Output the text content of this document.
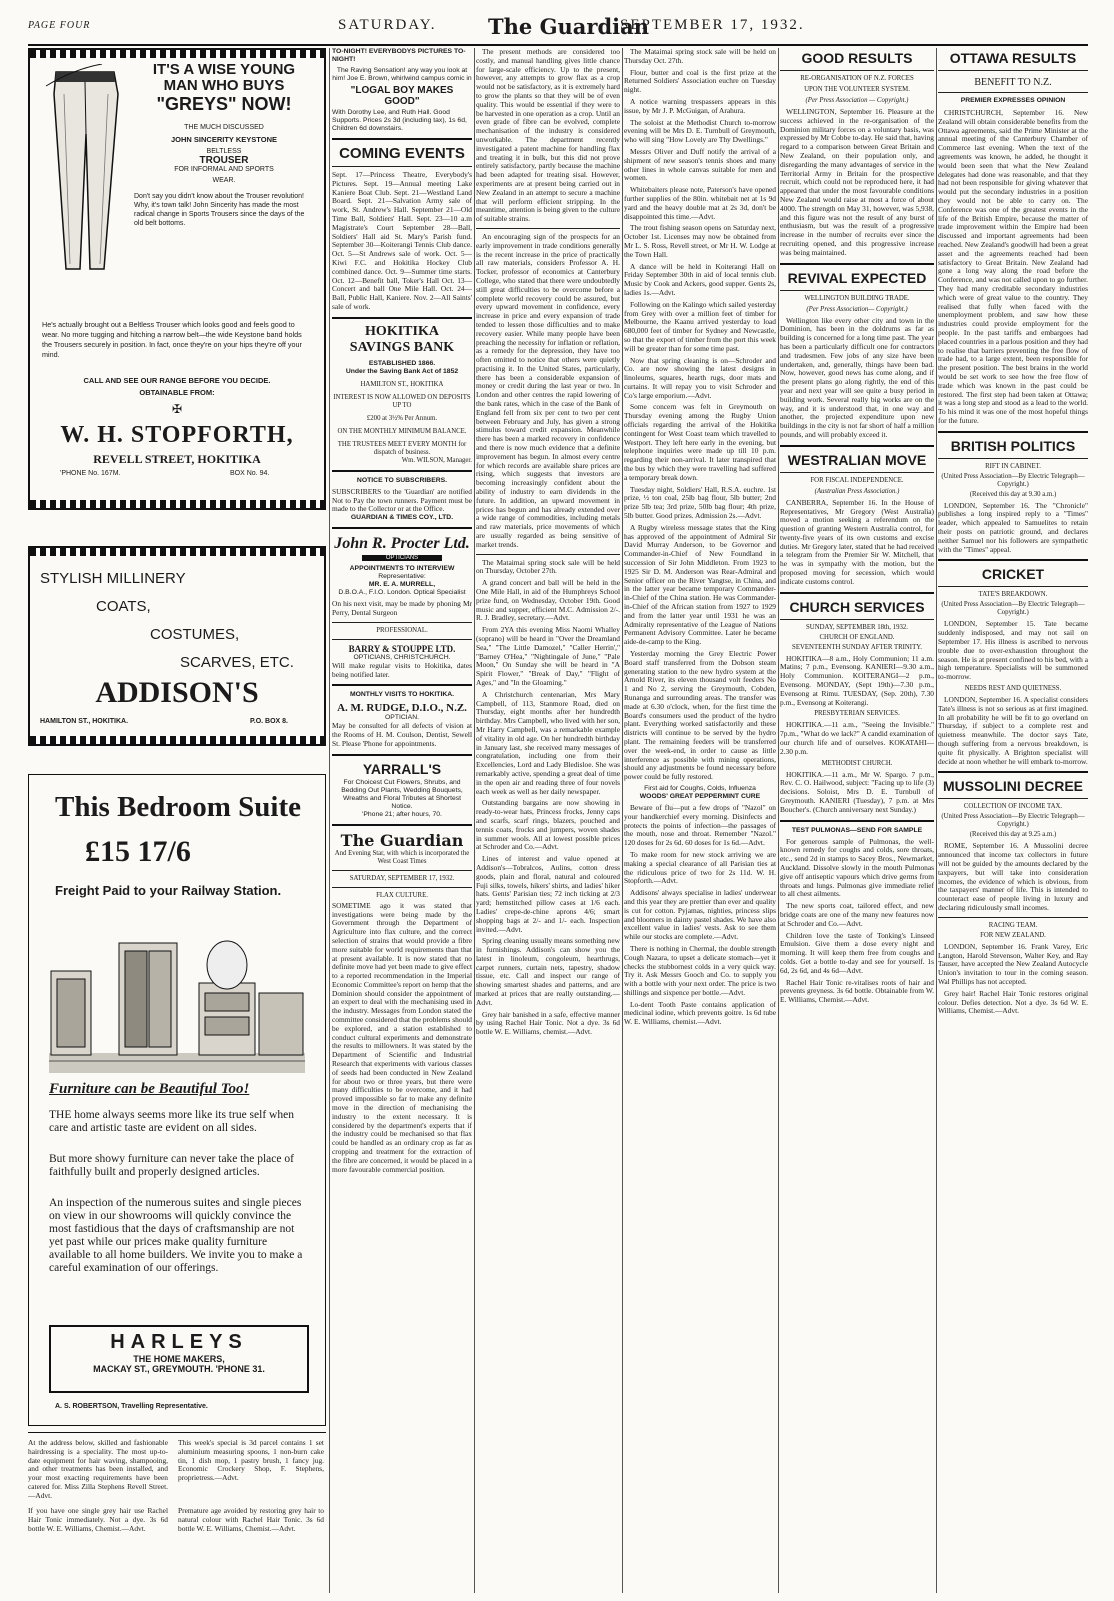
PAGE FOUR	SATURDAY. The Guardian
SEPTEMBER 17, 1932.
IT'S A WISE YOUNG
MAN WHO BUYS
"GREYS" NOW!
THE MUCH DISCUSSED
JOHN SINCERITY KEYSTONE
BELTLESS
TROUSER
FOR INFORMAL AND SPORTS
WEAR.
Don't say you didn't know about the Trouser revolution! Why, it's town talk! John Sincerity has made the most radical change in Sports Trousers since the days of the old belt bottoms.
He's actually brought out a Beltless Trouser which looks good and feels good to wear. No more tugging and hitching a narrow belt—the wide Keystone band holds the Trousers securely in position. In fact, once they're on your hips they're off your mind.
CALL AND SEE OUR RANGE BEFORE YOU DECIDE.
OBTAINABLE FROM:
✠
W. H. STOPFORTH,
REVELL STREET, HOKITIKA
'PHONE No. 167M.	BOX No. 94.
STYLISH MILLINERY
COATS,
COSTUMES,
SCARVES, ETC.
ADDISON'S
HAMILTON ST., HOKITIKA.	P.O. BOX 8.
This Bedroom Suite
£15 17/6
Freight Paid to your Railway Station.
Furniture can be Beautiful Too!
THE home always seems more like its true self when care and artistic taste are evident on all sides.
But more showy furniture can never take the place of faithfully built and properly designed articles.
An inspection of the numerous suites and single pieces on view in our showrooms will quickly convince the most fastidious that the days of craftsmanship are not yet past while our prices make quality furniture available to all home builders. We invite you to make a careful examination of our offerings.
HARLEYS
THE HOME MAKERS,
MACKAY ST., GREYMOUTH. 'PHONE 31.
A. S. ROBERTSON, Travelling Representative.
At the address below, skilled and fashionable hairdressing is a speciality. The most up-to-date equipment for hair waving, shampooing, and other treatments has been installed, and your most exacting requirements have been catered for. Miss Zilla Stephens Revell Street.—Advt.
This week's special is 3d parcel contains 1 set aluminium measuring spoons, 1 non-burn cake tin, 1 dish mop, 1 pastry brush, 1 fancy jug. Economic Crockery Shop, F. Stephens, proprietress.—Advt.
If you have one single grey hair use Rachel Hair Tonic immediately. Not a dye. 3s 6d bottle W. E. Williams, Chemist.—Advt.
Premature age avoided by restoring grey hair to natural colour with Rachel Hair Tonic. 3s 6d bottle W. E. Williams, Chemist.—Advt.
TO-NIGHT! EVERYBODYS PICTURES TO-NIGHT!
The Raving Sensation! any way you look at him! Joe E. Brown, whirlwind campus comic in
"LOGAL BOY MAKES GOOD"
With Dorothy Lee, and Ruth Hall. Good Supports. Prices 2s 3d (including tax), 1s 6d, Children 6d downstairs.
COMING EVENTS
Sept. 17—Princess Theatre, Everybody's Pictures. Sept. 19—Annual meeting Lake Kaniere Boat Club. Sept. 21—Westland Land Board. Sept. 21—Salvation Army sale of work, St. Andrew's Hall. September 21—Old Time Ball, Soldiers' Hall. Sept. 23—10 a.m Magistrate's Court September 28—Ball, Soldiers' Hall aid St. Mary's Parish fund. September 30—Koiterangi Tennis Club dance. Oct. 5—St Andrews sale of work. Oct. 5—Kiwi F.C. and Hokitika Hockey Club combined dance. Oct. 9—Summer time starts. Oct. 12—Benefit ball, Toker's Hall Oct. 13—Concert and ball One Mile Hall. Oct. 24—Ball, Public Hall, Kaniere. Nov. 2—All Saints' sale of work.
HOKITIKA
SAVINGS BANK
ESTABLISHED 1866.
Under the Saving Bank Act of 1852
HAMILTON ST., HOKITIKA
INTEREST IS NOW ALLOWED ON DEPOSITS UP TO
£200 at 3½% Per Annum.
ON THE MONTHLY MINIMUM BALANCE.
THE TRUSTEES MEET EVERY MONTH for dispatch of business.
Wm. WILSON, Manager.
NOTICE TO SUBSCRIBERS.
SUBSCRIBERS to the 'Guardian' are notified Not to Pay the town runners. Payment must be made to the Collector or at the Office.
GUARDIAN & TIMES COY., LTD.
John R. Procter Ltd.
OPTICIANS
APPOINTMENTS TO INTERVIEW
Representative:
MR. E. A. MURRELL,
D.B.O.A., F.I.O. London. Optical Specialist
On his next visit, may be made by phoning Mr Perry, Dental Surgeon
PROFESSIONAL.
BARRY & STOUPPE LTD.
OPTICIANS, CHRISTCHURCH.
Will make regular visits to Hokitika, dates being notified later.
MONTHLY VISITS TO HOKITIKA.
A. M. RUDGE, D.I.O., N.Z.
OPTICIAN.
May be consulted for all defects of vision at the Rooms of H. M. Coulson, Dentist, Sewell St. Please 'Phone for appointments.
YARRALL'S
For Choicest Cut Flowers, Shrubs, and Bedding Out Plants, Wedding Bouquets, Wreaths and Floral Tributes at Shortest Notice.
'Phone 21; after hours, 70.
The Guardian
And Evening Star, with which is incorporated the West Coast Times
SATURDAY, SEPTEMBER 17, 1932.
FLAX CULTURE.
SOMETIME ago it was stated that investigations were being made by the Government through the Department of Agriculture into flax culture, and the correct selection of strains that would provide a fibre more suitable for world requirements than that at present available. It is now stated that no definite move had yet been made to give effect to a reported recommendation in the Imperial Economic Committee's report on hemp that the Dominion should consider the appointment of an expert to deal with the mechanising used in the industry. Messages from London stated the committee considered that the problems should be explored, and a station established to conduct cultural experiments and demonstrate the results to millowners. It was stated by the Department of Scientific and Industrial Research that experiments with various classes of seeds had been conducted in New Zealand for about two or three years, but there were many difficulties to be overcome, and it had proved impossible so far to make any definite move in the direction of mechanising the industry to the extent necessary. It is considered by the department's experts that if the industry could be mechanised so that flax could be handled as an ordinary crop as far as cropping and treatment for the extraction of the fibre are concerned, it would be placed in a more favourable commercial position.

The present methods are considered too costly, and manual handling gives little chance for large-scale efficiency. Up to the present, however, any attempts to grow flax as a crop would not be satisfactory, as it is extremely hard to grow the plants so that they will be of even quality. This would be essential if they were to be harvested in one operation as a crop. Until an even grade of fibre can be evolved, complete mechanisation of the industry is considered unworkable. The department recently investigated a patent machine for handling flax and treating it in bulk, but this did not prove entirely satisfactory, partly because the machine had been adapted for treating sisal. However, experiments are at present being carried out in New Zealand in an attempt to secure a machine that will perform efficient stripping. In the meantime, attention is being given to the culture of suitable strains.

An encouraging sign of the prospects for an early improvement in trade conditions generally is the recent increase in the price of practically all raw materials, considers Professor A. H. Tocker, professor of economics at Canterbury College, who stated that there were undoubtedly still great difficulties to be overcome before a complete world recovery could be assured, but every upward movement in confidence, every increase in price and every expansion of trade tended to lessen those difficulties and to make recovery easier. While many people have been preaching the necessity for inflation or reflation, as a remedy for the depression, they have too often omitted to notice that others were quietly practising it. In the United States, particularly, there has been a considerable expansion of money or credit during the last year or two. In London and other centres the rapid lowering of the bank rates, which in the case of the Bank of England fell from six per cent to two per cent between February and July, has given a strong stimulus toward credit expansion. Meanwhile there has been a marked recovery in confidence and there is now much evidence that a definite improvement has begun. In almost every centre for which records are available share prices are rising, which suggests that investors are becoming increasingly confident about the ability of industry to earn dividends in the future. In addition, an upward movement in prices has begun and has already extended over a wide range of commodities, including metals and raw materials, price movements of which are usually regarded as being sensitive of market trends.

The Mataimai spring stock sale will be held on Thursday, October 27th.

A grand concert and ball will be held in the One Mile Hall, in aid of the Humphreys School prize fund, on Wednesday, October 19th. Good music and supper, efficient M.C. Admission 2/-. R. J. Bradley, secretary.—Advt.

From 2YA this evening Miss Naomi Whalley (soprano) will be heard in "Over the Dreamland Sea," "The Little Damozel," "Caller Herrin'," "Barney O'Hea," "Nightingale of June," "Pale Moon," On Sunday she will be heard in "A Spirit Flower," "Break of Day," "Flight of Ages," and "In the Gloaming."

A Christchurch centenarian, Mrs Mary Campbell, of 113, Stanmore Road, died on Thursday, eight months after her hundredth birthday. Mrs Campbell, who lived with her son, Mr Harry Campbell, was a remarkable example of vitality in old age. On her hundredth birthday in January last, she received many messages of congratulation, including one from their Excellencies, Lord and Lady Bledisloe. She was remarkably active, spending a great deal of time in the open air and reading three of four novels each week as well as her daily newspaper.

Outstanding bargains are now showing in ready-to-wear hats, Princess frocks, Jenny caps and scarfs, scarf rings, blazers, pouched and tennis coats, frocks and jumpers, woven shades in summer wools. All at lowest possible prices at Schroder and Co.—Advt.

Lines of interest and value opened at Addison's—Tobralcos, Aulins, cotton dress goods, plain and floral, natural and coloured Fuji silks, towels, hikers' shirts, and ladies' hiker hats. Gents' Parisian ties; 72 inch ticking at 2/3 yard; hemstitched pillow cases at 1/6 each. Ladies' crepe-de-chine aprons 4/6; smart shopping bags at 2/- and 1/- each. Inspection invited.—Advt.

Spring cleaning usually means something new in furnishings. Addison's can show you the latest in linoleum, congoleum, hearthrugs, carpet runners, curtain nets, tapestry, shadow tissue, etc. Call and inspect our range of showing smartest shades and patterns, and are marked at prices that are really outstanding.—Advt.

Grey hair banished in a safe, effective manner by using Rachel Hair Tonic. Not a dye. 3s 6d bottle W. E. Williams, chemist.—Advt.

The Mataimai spring stock sale will be held on Thursday Oct. 27th.

Flour, butter and coal is the first prize at the Returned Soldiers' Association euchre on Tuesday night.

A notice warning trespassers appears in this issue, by Mr J. P. McGuigan, of Arahura.

The soloist at the Methodist Church to-morrow evening will be Mrs D. E. Turnbull of Greymouth, who will sing "How Lovely are Thy Dwellings."

Messrs Oliver and Duff notify the arrival of a shipment of new season's tennis shoes and many other lines in whole canvas suitable for men and women.

Whitebaiters please note, Paterson's have opened further supplies of the 80in. whitebait net at 1s 9d yard and the heavy double mat at 2s 3d, don't be disappointed this time.—Advt.

The trout fishing season opens on Saturday next, October 1st. Licenses may now be obtained from Mr L. S. Ross, Revell street, or Mr H. W. Lodge at the Town Hall.

A dance will be held in Koiterangi Hall on Friday September 30th in aid of local tennis club. Music by Cook and Ackers, good supper. Gents 2s, ladies 1s.—Advt.

Following on the Kalingo which sailed yesterday from Grey with over a million feet of timber for Melbourne, the Kaanu arrived yesterday to load 680,000 feet of timber for Sydney and Newcastle, so that the export of timber from the port this week will be greater than for some time past.

Now that spring cleaning is on—Schroder and Co. are now showing the latest designs in linoleums, squares, hearth rugs, door mats and curtains. It will repay you to visit Schroder and Co's large emporium.—Advt.

Some concern was felt in Greymouth on Thursday evening among the Rugby Union officials regarding the arrival of the Hokitika contingent for West Coast team which travelled to Westport. They left here early in the evening, but telephone inquiries were made up till 10 p.m. regarding their non-arrival. It later transpired that the bus by which they were travelling had suffered a temporary break down.

Tuesday night, Soldiers' Hall, R.S.A. euchre. 1st prize, ½ ton coal, 25lb bag flour, 5lb butter; 2nd prize 5lb tea; 3rd prize, 50lb bag flour; 4th prize, 5lb butter. Good prizes. Admission 2s.—Advt.

A Rugby wireless message states that the King has approved of the appointment of Admiral Sir David Murray Anderson, to be Governor and Commander-in-Chief of New Foundland in succession of Sir John Middleton. From 1923 to 1925 Sir D. M. Anderson was Rear-Admiral and Senior officer on the River Yangtse, in China, and in the latter year became temporary Commander-in-Chief of the China station. He was Commander-in-Chief of the African station from 1927 to 1929 and from the latter year until 1931 he was an Admiralty representative of the League of Nations Permanent Advisory Committee. Later he became aide-de-camp to the King.

Yesterday morning the Grey Electric Power Board staff transferred from the Dobson steam generating station to the new hydro system at the Arnold River, its eleven thousand volt feeders No 1 and No 2, serving the Greymouth, Cobden, Runanga and surrounding areas. The transfer was made at 6.30 o'clock, when, for the first time the Board's consumers used the product of the hydro plant. Everything worked satisfactorily and these districts will continue to be served by the hydro plant. The remaining feeders will be transferred over the week-end, in order to cause as little interference as possible with mining operations, should any adjustments be found necessary before power could be fully restored.

First aid for Coughs, Colds, Influenza
WOODS' GREAT PEPPERMINT CURE

Beware of fluׂ—put a few drops of "Nazol" on your handkerchief every morning. Disinfects and protects the points of infection—the passages of the mouth, nose and throat. Remember "Nazol." 120 doses for 2s 6d. 60 doses for 1s 6d.—Advt.

To make room for new stock arriving we are making a special clearance of all Parisian ties at the ridiculous price of two for 2s 11d. W. H. Stopforth.—Advt.

Addisons' always specialise in ladies' underwear and this year they are prettier than ever and quality is cut for cotton. Pyjamas, nighties, princess slips and bloomers in dainty pastel shades. We have also excellent value in ladies' vests. Ask to see them while our stocks are complete.—Advt.

There is nothing in Chermal, the double strength Cough Nazara, to upset a delicate stomach—yet it checks the stubbornest colds in a very quick way. Try it. Ask Messrs Gooch and Co. to supply you with a bottle with your next order. The price is two shillings and sixpence per bottle.—Advt.

Lo-dent Tooth Paste contains application of medicinal iodine, which prevents goitre. 1s 6d tube W. E. Williams, chemist.—Advt.

GOOD RESULTS
RE-ORGANISATION OF N.Z. FORCES
UPON THE VOLUNTEER SYSTEM.
(Per Press Association — Copyright.)

WELLINGTON, September 16. Pleasure at the success achieved in the re-organisation of the Dominion military forces on a voluntary basis, was expressed by Mr Cobbe to-day. He said that, having regard to a comparison between Great Britain and New Zealand, on their population only, and disregarding the many advantages of service in the Territorial Army in Britain for the prospective recruit, which could not be reproduced here, it had appeared that under the most favourable conditions New Zealand would raise at most a force of about 4000. The strength on May 31, however, was 5,938, and this figure was not the result of any burst of enthusiasm, but was the result of a progressive increase in the number of recruits ever since the recruiting opened, and this progressive increase was being maintained.

REVIVAL EXPECTED
WELLINGTON BUILDING TRADE.
(Per Press Association— Copyright.)

Wellington like every other city and town in the Dominion, has been in the doldrums as far as building is concerned for a long time past. The year has been a particularly difficult one for contractors and tradesmen. Few jobs of any size have been undertaken, and, generally, things have been bad. Now, however, good news has come along, and if the present plans go along rightly, the end of this year and next year will see quite a busy period in building work. Several really big works are on the way, and it is understood that, in one way and another, the projected expenditure upon new buildings in the city is not far short of half a million pounds, and will probably exceed it.

WESTRALIAN MOVE
FOR FISCAL INDEPENDENCE.
(Australian Press Association.)

CANBERRA, September 16. In the House of Representatives, Mr Gregory (West Australia) moved a motion seeking a referendum on the question of granting Western Australia control, for twenty-five years of its own customs and excise duties. Mr Gregory later, stated that he had received a telegram from the Premier Sir W. Mitchell, that he was in sympathy with the motion, but the proposed moving for secession, which would indicate customs control.

CHURCH SERVICES
SUNDAY, SEPTEMBER 18th, 1932.
CHURCH OF ENGLAND.
SEVENTEENTH SUNDAY AFTER TRINITY.

HOKITIKA—8 a.m., Holy Communion; 11 a.m. Matins; 7 p.m., Evensong. KANIERI—9.30 a.m., Holy Communion. KOITERANGI—2 p.m., Evensong. MONDAY, (Sept 19th)—7.30 p.m., Evensong at Rimu. TUESDAY, (Sep. 20th), 7.30 p.m., Evensong at Koiterangi.

PRESBYTERIAN SERVICES.

HOKITIKA.—11 a.m., "Seeing the Invisible." 7p.m., "What do we lack?" A candid examination of our church life and of ourselves. KOKATAHI—2.30 p.m.

METHODIST CHURCH.

HOKITIKA.—11 a.m., Mr W. Spargo. 7 p.m., Rev. C. O. Hailwood, subject: "Facing up to life (3) decisions. Soloist, Mrs D. E. Turnbull of Greymouth. KANIERI (Tuesday), 7 p.m. at Mrs Boucher's. (Church anniversary next Sunday.)

TEST PULMONAS—SEND FOR SAMPLE

For generous sample of Pulmonas, the well-known remedy for coughs and colds, sore throats, etc., send 2d in stamps to Sacey Bros., Newmarket, Auckland. Dissolve slowly in the mouth Pulmonas give off antiseptic vapours which drive germs from throats and lungs. Pulmonas give immediate relief to all chest ailments.

The new sports coat, tailored effect, and new bridge coats are one of the many new features now at Schroder and Co.—Advt.

Children love the taste of Tonking's Linseed Emulsion. Give them a dose every night and morning. It will keep them free from coughs and colds. Get a bottle to-day and see for yourself. 1s 6d, 2s 6d, and 4s 6d—Advt.

Rachel Hair Tonic re-vitalises roots of hair and prevents greyness. 3s 6d bottle. Obtainable from W. E. Williams, Chemist.—Advt.

OTTAWA RESULTS
BENEFIT TO N.Z.
PREMIER EXPRESSES OPINION

CHRISTCHURCH, September 16. New Zealand will obtain considerable benefits from the Ottawa agreements, said the Prime Minister at the annual meeting of the Canterbury Chamber of Commerce last evening. When the text of the agreements was known, he added, he thought it would been seen that what the New Zealand delegates had done was reasonable, and that they had not been responsible for giving whatever that would put the secondary industries in a position they would not be able to carry on. The Conference was one of the greatest events in the life of the British Empire, because the matter of trade improvement within the Empire had been discussed and important agreements had been reached. New Zealand's goodwill had been a great asset and the agreements reached had been satisfactory to Great Britain. New Zealand had gone a long way along the road before the Conference, and was not called upon to go further. They had many creditable secondary industries which were of great value to the country. They realised that fully when faced with the unemployment problem, and saw how these industries could provide employment for the people. In the past tariffs and embargoes had placed countries in a parlous position and they had to realise that barriers preventing the free flow of trade had, to a large extent, been responsible for the present position. The best brains in the world would be set work to see how the free flow of trade which was known in the past could be restored. The first step had been taken at Ottawa; it was a long step and stood as a lead to the world. To his mind it was one of the most hopeful things for the future.

BRITISH POLITICS
RIFT IN CABINET.
(United Press Association—By Electric Telegraph—Copyright.)
(Received this day at 9.30 a.m.)

LONDON, September 16. The "Chronicle" publishes a long inspired reply to a "Times" leader, which appealed to Samuelites to retain their posts on patriotic ground, and declares neither Samuel nor his followers are sympathetic with the "Times" appeal.

CRICKET
TATE'S BREAKDOWN.
(United Press Association—By Electric Telegraph—Copyright.)

LONDON, September 15. Tate became suddenly indisposed, and may not sail on September 17. His illness is ascribed to nervous trouble due to over-exhaustion throughout the season. He is at present confined to his bed, with a high temperature. Specialists will be summoned to-morrow.

NEEDS REST AND QUIETNESS.

LONDON, September 16. A specialist considers Tate's illness is not so serious as at first imagined. In all probability he will be fit to go overland on Thursday, if subject to a complete rest and quietness meanwhile. The doctor says Tate, though suffering from a nervous breakdown, is quite fit physically. A Brighton specialist will decide at noon whether he will embark to-morrow.

MUSSOLINI DECREE
COLLECTION OF INCOME TAX.
(United Press Association—By Electric Telegraph—Copyright.)
(Received this day at 9.25 a.m.)

ROME, September 16. A Mussolini decree announced that income tax collectors in future will not be guided by the amounts declared by the taxpayers, but will take into consideration incomes, the evidence of which is obvious, from the taxpayers' manner of life. This is intended to counteract ease of people living in luxury and declaring ridiculously small incomes.

RACING TEAM.
FOR NEW ZEALAND.

LONDON, September 16. Frank Varey, Eric Langton, Harold Stevenson, Walter Key, and Ray Tauser, have accepted the New Zealand Autocycle Union's invitation to tour in the coming season. Wal Phillips has not accepted.

Grey hair! Rachel Hair Tonic restores original colour. Defies detection. Not a dye. 3s 6d W. E. Williams, Chemist.—Advt.
